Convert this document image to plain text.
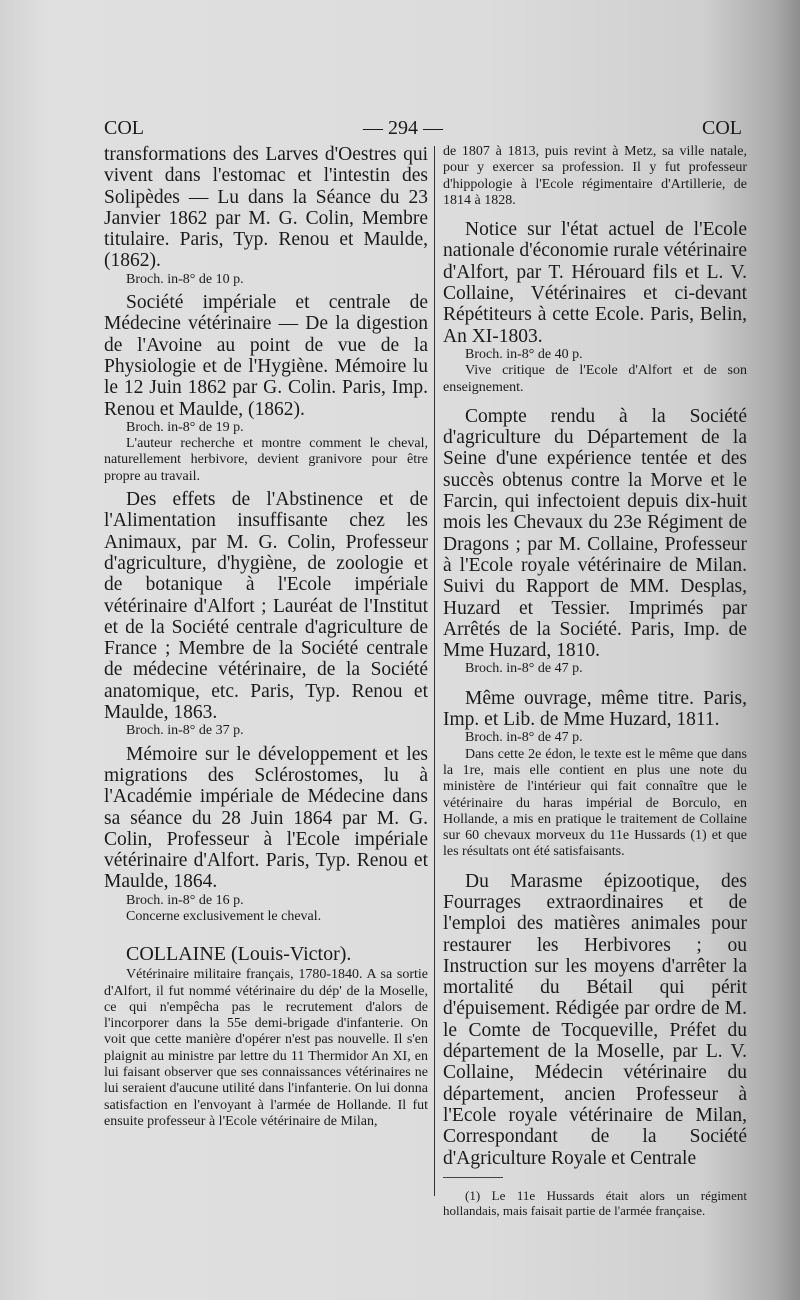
COL	— 294 —	COL

transformations des Larves d'Oestres qui vivent dans l'estomac et l'intestin des Solipèdes — Lu dans la Séance du 23 Janvier 1862 par M. G. Colin, Membre titulaire. Paris, Typ. Renou et Maulde, (1862).

Broch. in-8° de 10 p.

Société impériale et centrale de Médecine vétérinaire — De la digestion de l'Avoine au point de vue de la Physiologie et de l'Hygiène. Mémoire lu le 12 Juin 1862 par G. Colin. Paris, Imp. Renou et Maulde, (1862).

Broch. in-8° de 19 p.

L'auteur recherche et montre comment le cheval, naturellement herbivore, devient granivore pour être propre au travail.

Des effets de l'Abstinence et de l'Alimentation insuffisante chez les Animaux, par M. G. Colin, Professeur d'agriculture, d'hygiène, de zoologie et de botanique à l'Ecole impériale vétérinaire d'Alfort ; Lauréat de l'Institut et de la Société centrale d'agriculture de France ; Membre de la Société centrale de médecine vétérinaire, de la Société anatomique, etc. Paris, Typ. Renou et Maulde, 1863.

Broch. in-8° de 37 p.

Mémoire sur le développement et les migrations des Sclérostomes, lu à l'Académie impériale de Médecine dans sa séance du 28 Juin 1864 par M. G. Colin, Professeur à l'Ecole impériale vétérinaire d'Alfort. Paris, Typ. Renou et Maulde, 1864.

Broch. in-8° de 16 p.

Concerne exclusivement le cheval.

COLLAINE (Louis-Victor).

Vétérinaire militaire français, 1780-1840. A sa sortie d'Alfort, il fut nommé vétérinaire du dép' de la Moselle, ce qui n'empêcha pas le recrutement d'alors de l'incorporer dans la 55e demi-brigade d'infanterie. On voit que cette manière d'opérer n'est pas nouvelle. Il s'en plaignit au ministre par lettre du 11 Thermidor An XI, en lui faisant observer que ses connaissances vétérinaires ne lui seraient d'aucune utilité dans l'infanterie. On lui donna satisfaction en l'envoyant à l'armée de Hollande. Il fut ensuite professeur à l'Ecole vétérinaire de Milan,

de 1807 à 1813, puis revint à Metz, sa ville natale, pour y exercer sa profession. Il y fut professeur d'hippologie à l'Ecole régimentaire d'Artillerie, de 1814 à 1828.

Notice sur l'état actuel de l'Ecole nationale d'économie rurale vétérinaire d'Alfort, par T. Hérouard fils et L. V. Collaine, Vétérinaires et ci-devant Répétiteurs à cette Ecole. Paris, Belin, An XI-1803.

Broch. in-8° de 40 p.

Vive critique de l'Ecole d'Alfort et de son enseignement.

Compte rendu à la Société d'agriculture du Département de la Seine d'une expérience tentée et des succès obtenus contre la Morve et le Farcin, qui infectoient depuis dix-huit mois les Chevaux du 23e Régiment de Dragons ; par M. Collaine, Professeur à l'Ecole royale vétérinaire de Milan. Suivi du Rapport de MM. Desplas, Huzard et Tessier. Imprimés par Arrêtés de la Société. Paris, Imp. de Mme Huzard, 1810.

Broch. in-8° de 47 p.

Même ouvrage, même titre. Paris, Imp. et Lib. de Mme Huzard, 1811.

Broch. in-8° de 47 p.

Dans cette 2e édon, le texte est le même que dans la 1re, mais elle contient en plus une note du ministère de l'intérieur qui fait connaître que le vétérinaire du haras impérial de Borculo, en Hollande, a mis en pratique le traitement de Collaine sur 60 chevaux morveux du 11e Hussards (1) et que les résultats ont été satisfaisants.

Du Marasme épizootique, des Fourrages extraordinaires et de l'emploi des matières animales pour restaurer les Herbivores ; ou Instruction sur les moyens d'arrêter la mortalité du Bétail qui périt d'épuisement. Rédigée par ordre de M. le Comte de Tocqueville, Préfet du département de la Moselle, par L. V. Collaine, Médecin vétérinaire du département, ancien Professeur à l'Ecole royale vétérinaire de Milan, Correspondant de la Société d'Agriculture Royale et Centrale

(1) Le 11e Hussards était alors un régiment hollandais, mais faisait partie de l'armée française.
